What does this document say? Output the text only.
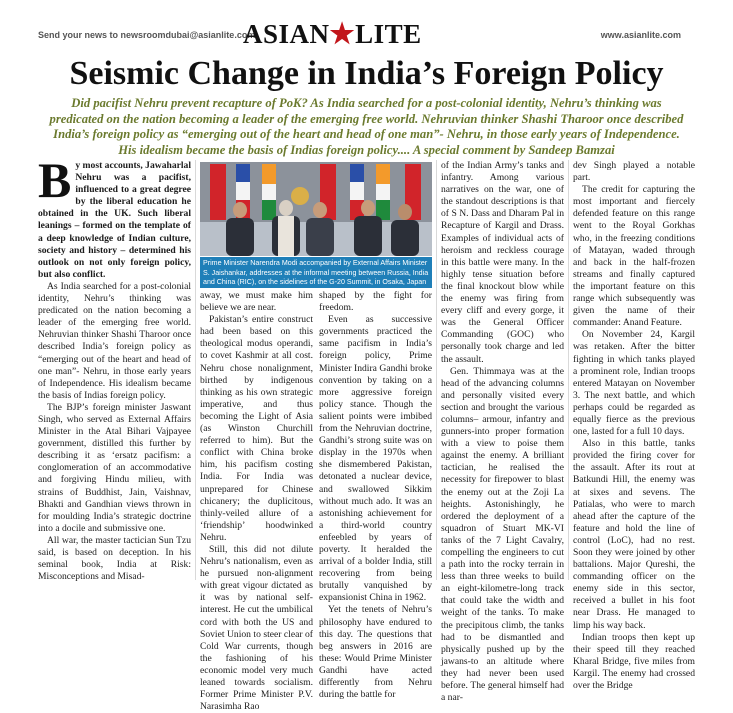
Send your news to newsroomdubai@asianlite.com
ASIAN★LITE	www.asianlite.com
Seismic Change in India’s Foreign Policy
Did pacifist Nehru prevent recapture of PoK? As India searched for a post-colonial identity, Nehru’s thinking was predicated on the nation becoming a leader of the emerging free world. Nehruvian thinker Shashi Tharoor once described India’s foreign policy as “emerging out of the heart and head of one man”- Nehru, in those early years of Independence. His idealism became the basis of Indias foreign policy.... A special comment by Sandeep Bamzai

By most accounts, Jawaharlal Nehru was a pacifist, influenced to a great degree by the liberal education he obtained in the UK. Such liberal leanings – formed on the template of a deep knowledge of Indian culture, society and history – determined his outlook on not only foreign policy, but also conflict.

As India searched for a post-colonial identity, Nehru’s thinking was predicated on the nation becoming a leader of the emerging free world. Nehruvian thinker Shashi Tharoor once described India’s foreign policy as “emerging out of the heart and head of one man”- Nehru, in those early years of Independence. His idealism became the basis of Indias foreign policy.

The BJP’s foreign minister Jaswant Singh, who served as External Affairs Minister in the Atal Bihari Vajpayee government, distilled this further by describing it as ‘ersatz pacifism: a conglomeration of an accommodative and forgiving Hindu milieu, with strains of Buddhist, Jain, Vaishnav, Bhakti and Gandhian views thrown in for moulding India’s strategic doctrine into a docile and submissive one.

All war, the master tactician Sun Tzu said, is based on deception. In his seminal book, India at Risk: Misconceptions and Misad-

Prime Minister Narendra Modi accompanied by External Affairs Minister S. Jaishankar, addresses at the informal meeting between Russia, India and China (RIC), on the sidelines of the G-20 Summit, in Osaka, Japan

away, we must make him believe we are near.

Pakistan’s entire construct had been based on this theological modus operandi, to covet Kashmir at all cost. Nehru chose nonalignment, birthed by indigenous thinking as his own strategic imperative, and thus becoming the Light of Asia (as Winston Churchill referred to him). But the conflict with China broke him, his pacifism costing India. For India was unprepared for Chinese chicanery; the duplicitous, thinly-veiled allure of a ‘friendship’ hoodwinked Nehru.

Still, this did not dilute Nehru’s nationalism, even as he pursued non-alignment with great vigour dictated as it was by national self-interest. He cut the umbilical cord with both the US and Soviet Union to steer clear of Cold War currents, though the fashioning of his economic model very much leaned towards socialism. Former Prime Minister P.V. Narasimha Rao

shaped by the fight for freedom.

Even as successive governments practiced the same pacifism in India’s foreign policy, Prime Minister Indira Gandhi broke convention by taking on a more aggressive foreign policy stance. Though the salient points were imbibed from the Nehruvian doctrine, Gandhi’s strong suite was on display in the 1970s when she dismembered Pakistan, detonated a nuclear device, and swallowed Sikkim without much ado. It was an astonishing achievement for a third-world country enfeebled by years of poverty. It heralded the arrival of a bolder India, still recovering from being brutally vanquished by expansionist China in 1962.

Yet the tenets of Nehru’s philosophy have endured to this day. The questions that beg answers in 2016 are these: Would Prime Minister Gandhi have acted differently from Nehru during the battle for

of the Indian Army’s tanks and infantry. Among various narratives on the war, one of the standout descriptions is that of S N. Dass and Dharam Pal in Recapture of Kargil and Drass. Examples of individual acts of heroism and reckless courage in this battle were many. In the highly tense situation before the final knockout blow while the enemy was firing from every cliff and every gorge, it was the General Officer Commanding (GOC) who personally took charge and led the assault.

Gen. Thimmaya was at the head of the advancing columns and personally visited every section and brought the various columns– armour, infantry and gunners-into proper formation with a view to poise them against the enemy. A brilliant tactician, he realised the necessity for firepower to blast the enemy out at the Zoji La heights. Astonishingly, he ordered the deployment of a squadron of Stuart MK-VI tanks of the 7 Light Cavalry, compelling the engineers to cut a path into the rocky terrain in less than three weeks to build an eight-kilometre-long track that could take the width and weight of the tanks. To make the precipitous climb, the tanks had to be dismantled and physically pushed up by the jawans-to an altitude where they had never been used before. The general himself had a nar-

dev Singh played a notable part.

The credit for capturing the most important and fiercely defended feature on this range went to the Royal Gorkhas who, in the freezing conditions of Matayan, waded through and back in the half-frozen streams and finally captured the important feature on this range which subsequently was given the name of their commander: Anand Feature.

On November 24, Kargil was retaken. After the bitter fighting in which tanks played a prominent role, Indian troops entered Matayan on November 3. The next battle, and which perhaps could be regarded as equally fierce as the previous one, lasted for a full 10 days.

Also in this battle, tanks provided the firing cover for the assault. After its rout at Batkundi Hill, the enemy was at sixes and sevens. The Patialas, who were to march ahead after the capture of the feature and hold the line of control (LoC), had no rest. Soon they were joined by other battalions. Major Qureshi, the commanding officer on the enemy side in this sector, received a bullet in his foot near Drass. He managed to limp his way back.

Indian troops then kept up their speed till they reached Kharal Bridge, five miles from Kargil. The enemy had crossed over the Bridge
